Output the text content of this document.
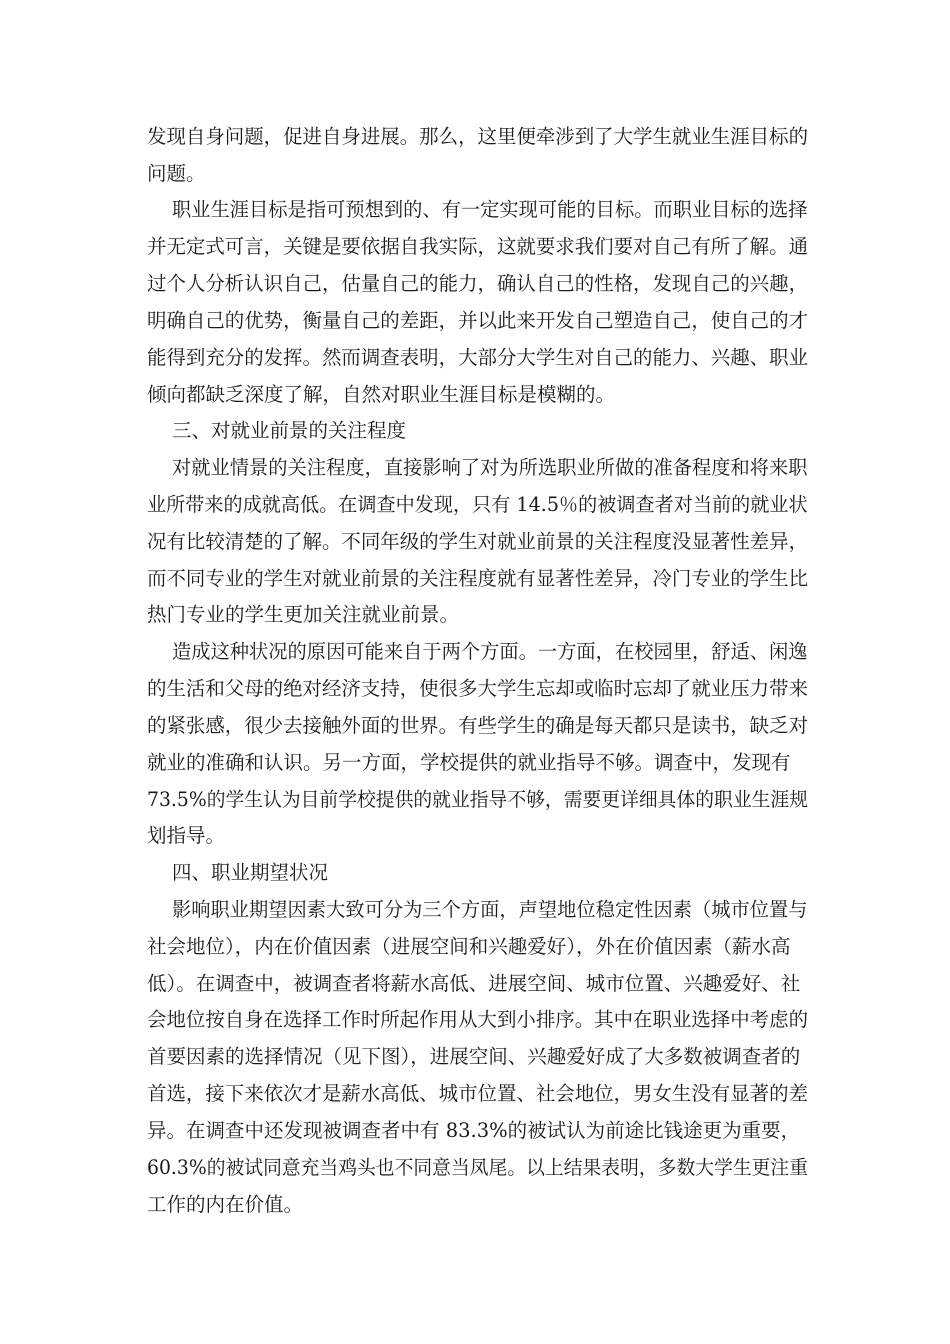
发现自身问题，促进自身进展。那么，这里便牵涉到了大学生就业生涯目标的
问题。
职业生涯目标是指可预想到的、有一定实现可能的目标。而职业目标的选择
并无定式可言，关键是要依据自我实际，这就要求我们要对自己有所了解。通
过个人分析认识自己，估量自己的能力，确认自己的性格，发现自己的兴趣，
明确自己的优势，衡量自己的差距，并以此来开发自己塑造自己，使自己的才
能得到充分的发挥。然而调查表明，大部分大学生对自己的能力、兴趣、职业
倾向都缺乏深度了解，自然对职业生涯目标是模糊的。
三、对就业前景的关注程度
对就业情景的关注程度，直接影响了对为所选职业所做的准备程度和将来职
业所带来的成就高低。在调查中发现，只有 14.5％的被调查者对当前的就业状
况有比较清楚的了解。不同年级的学生对就业前景的关注程度没显著性差异，
而不同专业的学生对就业前景的关注程度就有显著性差异，冷门专业的学生比
热门专业的学生更加关注就业前景。
造成这种状况的原因可能来自于两个方面。一方面，在校园里，舒适、闲逸
的生活和父母的绝对经济支持，使很多大学生忘却或临时忘却了就业压力带来
的紧张感，很少去接触外面的世界。有些学生的确是每天都只是读书，缺乏对
就业的准确和认识。另一方面，学校提供的就业指导不够。调查中，发现有
73.5%的学生认为目前学校提供的就业指导不够，需要更详细具体的职业生涯规
划指导。
四、职业期望状况
影响职业期望因素大致可分为三个方面，声望地位稳定性因素（城市位置与
社会地位），内在价值因素（进展空间和兴趣爱好），外在价值因素（薪水高
低）。在调查中，被调查者将薪水高低、进展空间、城市位置、兴趣爱好、社
会地位按自身在选择工作时所起作用从大到小排序。其中在职业选择中考虑的
首要因素的选择情况（见下图），进展空间、兴趣爱好成了大多数被调查者的
首选，接下来依次才是薪水高低、城市位置、社会地位，男女生没有显著的差
异。在调查中还发现被调查者中有 83.3%的被试认为前途比钱途更为重要，
60.3%的被试同意充当鸡头也不同意当凤尾。以上结果表明，多数大学生更注重
工作的内在价值。
